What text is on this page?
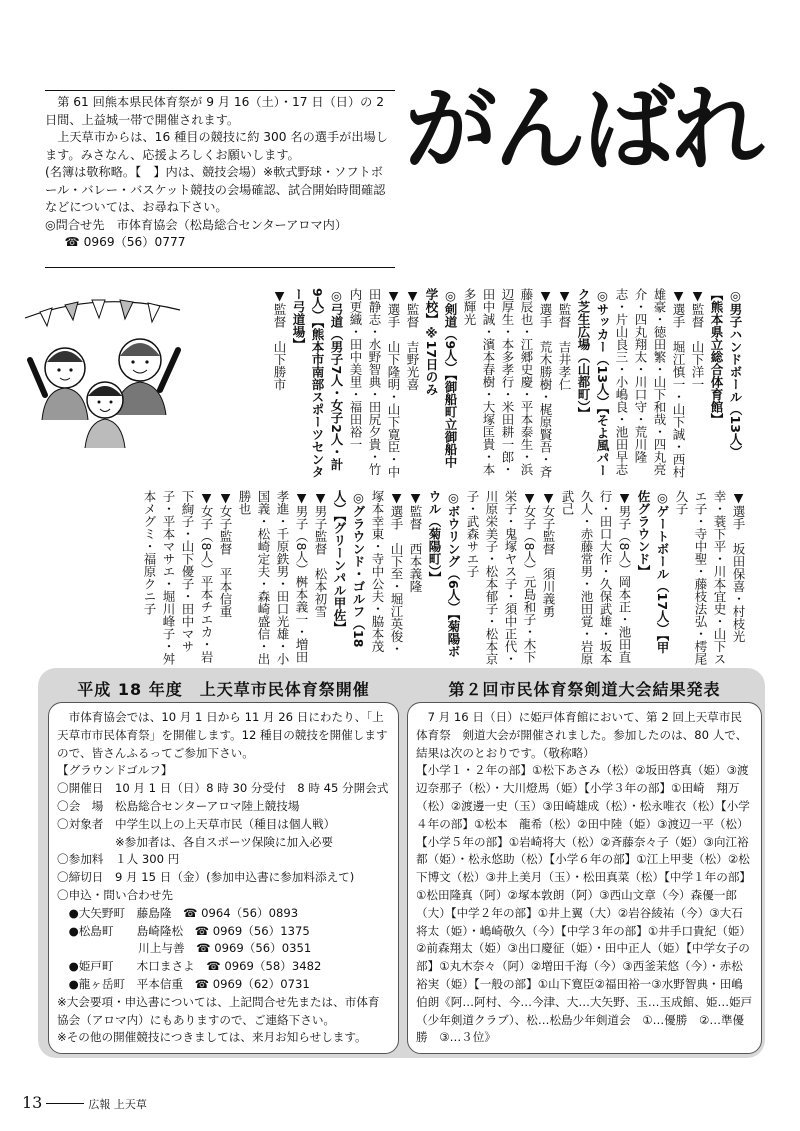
第 61 回熊本県民体育祭が 9 月 16（土）・17 日（日）の 2 日間、上益城一帯で開催されます。

上天草市からは、16 種目の競技に約 300 名の選手が出場します。みさなん、応援よろしくお願いします。

(名簿は敬称略。【　】内は、競技会場）※軟式野球・ソフトボール・バレー・バスケット競技の会場確認、試合開始時間確認などについては、お尋ね下さい。

◎問合せ先　市体育協会（松島総合センターアロマ内）

☎ 0969（56）0777

がんばれ

◎男子ハンドボール（13人）

【熊本県立総合体育館】

▼監督　山下洋一

▼選手　堀江慎一・山下誠・西村雄豪・徳田繁・山下和哉・四丸亮介・四丸翔太・川口守・荒川隆志・片山良三・小嶋良・池田早志

◎サッカー（13人）【そよ風パーク芝生広場（山都町）】

▼監督　吉井孝仁

▼選手　荒木勝樹・梶原賢吾・斉藤辰也・江郷史慶・平本泰生・浜辺厚生・本多孝行・米田耕一郎・田中誠・濱本春樹・大塚匡貴・本多輝光

◎剣道（9人）【御船町立御船中学校】※17日のみ

▼監督　吉野光喜

▼選手　山下隆明・山下寛臣・中田静志・水野智典・田尻夕貴・竹内更織・田中美里・福田裕一

◎弓道（男子7人・女子2人・計9人）【熊本市南部スポーツセンター弓道場】

▼監督　山下勝市

▼選手　坂田保喜・村枝光幸・蓑下平・川本宜史・山下スエ子・寺中聖・藤枝法弘・樗尾久子

◎ゲートボール（17人）【甲佐グラウンド】

▼男子（8人）岡本正・池田直行・田口大作・久保武雄・坂本久人・赤藤常男・池田覚・岩原武己

▼女子監督　須川義勇

▼女子（8人）元島和子・木下栄子・鬼塚ヤス子・須中正代・川原栄美子・松本郁子・松本京子・武森サエ子

◎ボウリング（6人）【菊陽ボウル（菊陽町）】

▼監督　西本義隆

▼選手　山下至・堀江英俊・塚本幸東・寺中公夫・脇本茂

◎グラウンド・ゴルフ（18人）【グリーンパル甲佐】

▼男子監督　松本初雪

▼男子（8人）桝本義一・増田孝進・千原鉄男・田口光雄・小国義・松崎定夫・森崎盛信・出勝也

▼女子監督　平本信重

▼女子（8人）平本チエカ・岩下絢子・山下優子・田中マサ子・平本マサエ・堀川峰子・舛本メグミ・福原クニ子

平成 18 年度　上天草市民体育祭開催

市体育協会では、10 月 1 日から 11 月 26 日にわたり、「上天草市市民体育祭」を開催します。12 種目の競技を開催しますので、皆さんふるってご参加下さい。

【グラウンドゴルフ】

〇開催日　10 月 1 日（日）8 時 30 分受付　8 時 45 分開会式

〇会　場　松島総合センターアロマ陸上競技場

〇対象者　中学生以上の上天草市民（種目は個人戦）

　　　　　※参加者は、各自スポーツ保険に加入必要

〇参加料　１人 300 円

〇締切日　9 月 15 日（金）(参加申込書に参加料添えて)

〇申込・問い合わせ先

　●大矢野町　藤島隆　☎ 0964（56）0893

　●松島町　　島崎隆松　☎ 0969（56）1375

　　　　　　　川上与善　☎ 0969（56）0351

　●姫戸町　　木口まさよ　☎ 0969（58）3482

　●龍ヶ岳町　平本信重　☎ 0969（62）0731

※大会要項・申込書については、上記問合せ先または、市体育協会（アロマ内）にもありますので、ご連絡下さい。

※その他の開催競技につきましては、来月お知らせします。

第２回市民体育祭剣道大会結果発表

7 月 16 日（日）に姫戸体育館において、第 2 回上天草市民体育祭　剣道大会が開催されました。参加したのは、80 人で、結果は次のとおりです。（敬称略）

【小学１・２年の部】①松下あさみ（松）②坂田啓真（姫）③渡辺奈那子（松）・大川燈馬（姫）【小学３年の部】①田崎　翔万（松）②渡邊一史（玉）③田崎雄成（松）・松永唯衣（松）【小学４年の部】①松本　龍希（松）②田中陸（姫）③渡辺一平（松）【小学５年の部】①岩崎将大（松）②斉藤奈々子（姫）③向江裕都（姫）・松永悠助（松）【小学６年の部】①江上甲斐（松）②松下博文（松）③井上美月（玉）・松田真菜（松）【中学１年の部】①松田隆真（阿）②塚本敦朗（阿）③西山文章（今）森優一郎（大）【中学２年の部】①井上翼（大）②岩谷綾祐（今）③大石将太（姫）・嶋崎敬久（今）【中学３年の部】①井手口貴紀（姫）②前森翔太（姫）③出口慶征（姫）・田中正人（姫）【中学女子の部】①丸木奈々（阿）②増田千海（今）③西釜茉悠（今）・赤松裕実（姫）【一般の部】①山下寛臣②福田裕一③水野智典・田嶋　伯朗《阿…阿村、今…今津、大…大矢野、玉…玉成館、姫…姫戸（少年剣道クラブ）、松…松島少年剣道会　①…優勝　②…準優勝　③…３位》

13	広報 上天草
